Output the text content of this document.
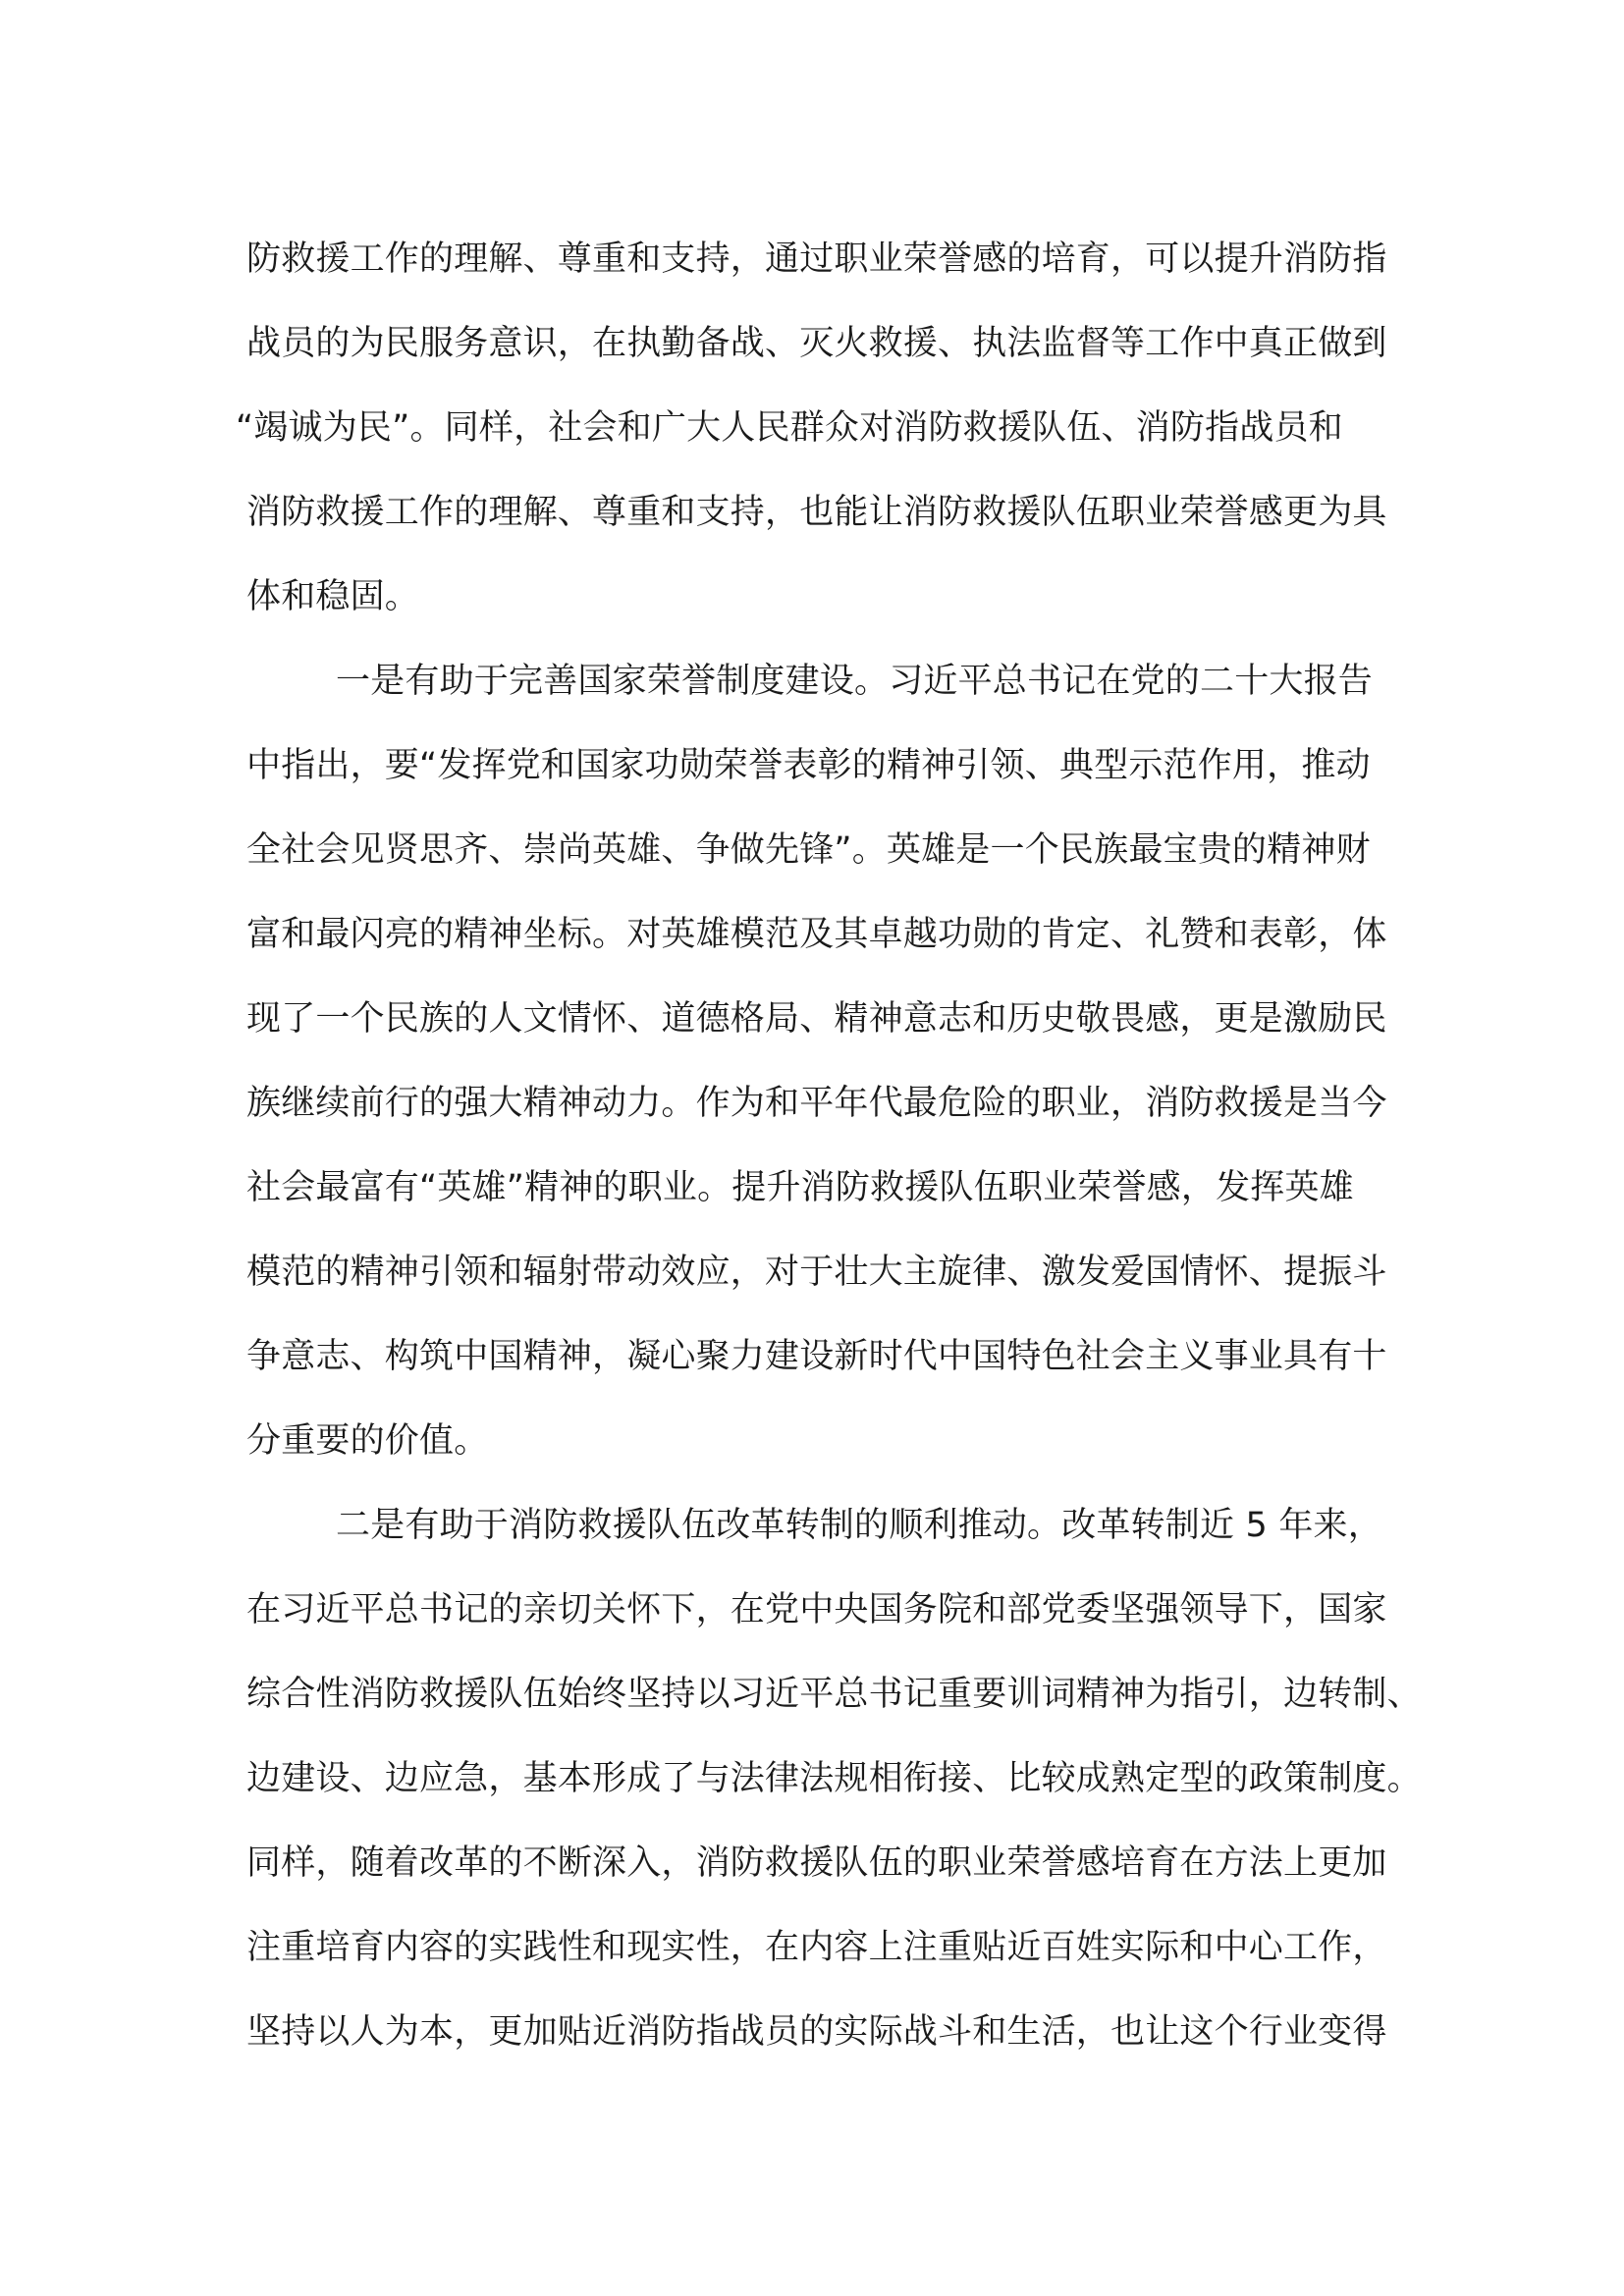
防救援工作的理解、尊重和支持，通过职业荣誉感的培育，可以提升消防指
战员的为民服务意识，在执勤备战、灭火救援、执法监督等工作中真正做到
“竭诚为民”。同样，社会和广大人民群众对消防救援队伍、消防指战员和
消防救援工作的理解、尊重和支持，也能让消防救援队伍职业荣誉感更为具
体和稳固。
一是有助于完善国家荣誉制度建设。习近平总书记在党的二十大报告
中指出，要“发挥党和国家功勋荣誉表彰的精神引领、典型示范作用，推动
全社会见贤思齐、崇尚英雄、争做先锋”。英雄是一个民族最宝贵的精神财
富和最闪亮的精神坐标。对英雄模范及其卓越功勋的肯定、礼赞和表彰，体
现了一个民族的人文情怀、道德格局、精神意志和历史敬畏感，更是激励民
族继续前行的强大精神动力。作为和平年代最危险的职业，消防救援是当今
社会最富有“英雄”精神的职业。提升消防救援队伍职业荣誉感，发挥英雄
模范的精神引领和辐射带动效应，对于壮大主旋律、激发爱国情怀、提振斗
争意志、构筑中国精神，凝心聚力建设新时代中国特色社会主义事业具有十
分重要的价值。
二是有助于消防救援队伍改革转制的顺利推动。改革转制近 5 年来，
在习近平总书记的亲切关怀下，在党中央国务院和部党委坚强领导下，国家
综合性消防救援队伍始终坚持以习近平总书记重要训词精神为指引，边转制、
边建设、边应急，基本形成了与法律法规相衔接、比较成熟定型的政策制度。
同样，随着改革的不断深入，消防救援队伍的职业荣誉感培育在方法上更加
注重培育内容的实践性和现实性，在内容上注重贴近百姓实际和中心工作，
坚持以人为本，更加贴近消防指战员的实际战斗和生活，也让这个行业变得
